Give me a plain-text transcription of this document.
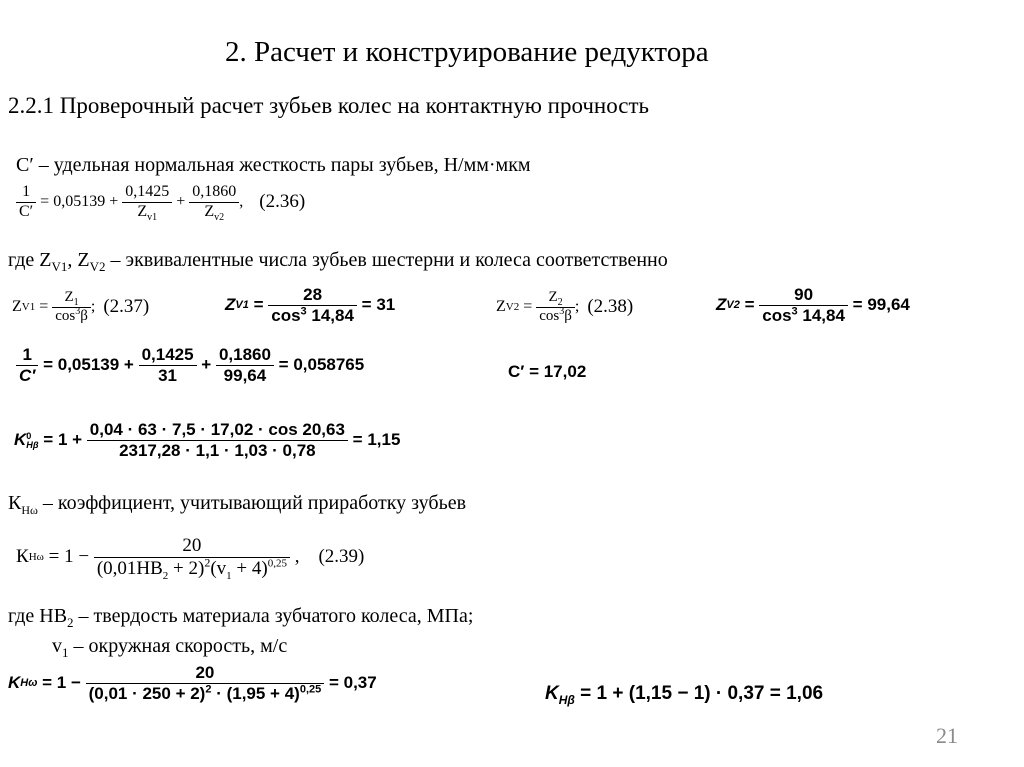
2. Расчет и конструирование редуктора
2.2.1 Проверочный расчет зубьев колес на контактную прочность
C′ – удельная нормальная жесткость пары зубьев, Н/мм·мкм
$\frac{1}{C'} = 0,05139 + \frac{0,1425}{Z_{v1}} + \frac{0,1860}{Z_{v2}}$ , (2.36)
где $Z_{V1}$, $Z_{V2}$ – эквивалентные числа зубьев шестерни и колеса соответственно
Z $V1 = \frac{Z_1}{\cos^3\beta}$ ; (2.37)	Z $V1 = \frac{28}{\cos^3 14,84} = 31$	Z $V2 = \frac{Z_2}{\cos^3\beta}$ ; (2.38)	Z $V2 = \frac{90}{\cos^3 14,84} = 99,64$
$\frac{1}{C'} = 0,05139 + \frac{0,1425}{31} + \frac{0,1860}{99,64} = 0,058765$	C′ = 17,02
K 0
$H\beta = 1 + \frac{0,04 \cdot 63 \cdot 7,5 \cdot 17,02 \cdot \cos 20,63}{2317,28 \cdot 1,1 \cdot 1,03 \cdot 0,78} = 1,15$
$К_{Н\omega}$ – коэффициент, учитывающий приработку зубьев
К $Н\omega = 1 - \frac{20}{(0,01НВ_2 + 2)^2(v_1 + 4)^{0,25}}$ , (2.39)
где $НВ_2$ – твердость материала зубчатого колеса, МПа;
$v_1$ – окружная скорость, м/с
K $H\omega = 1 - \frac{20}{(0,01 \cdot 250 + 2)^2 \cdot (1,95 + 4)^{0,25}} = 0,37$
$K_{H\beta} = 1 + (1,15 - 1) \cdot 0,37 = 1,06$
21
